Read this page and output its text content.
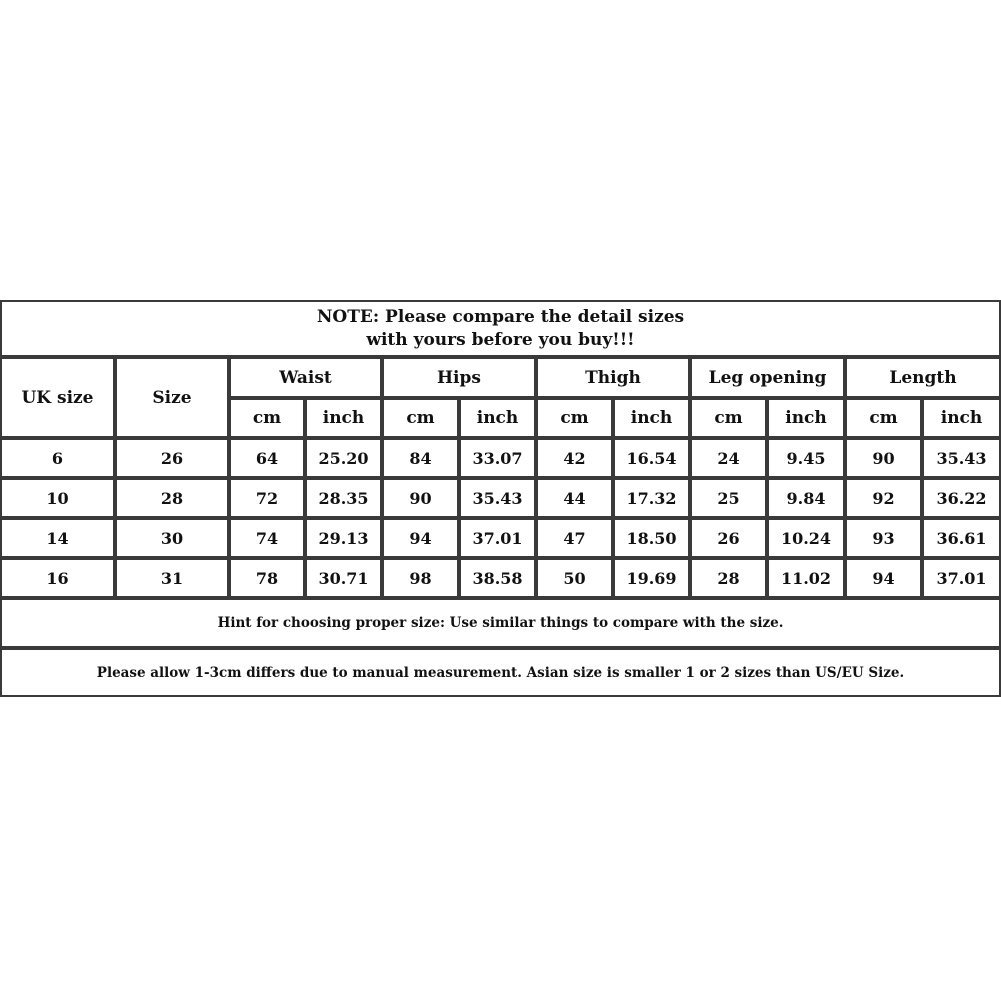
NOTE: Please compare the detail sizes
with yours before you buy!!!
UK size	Size
Waist	Hips	Thigh	Leg opening	Length
cm	inch	cm	inch	cm	inch	cm	inch	cm	inch
6	26	64	25.20	84	33.07	42	16.54	24	9.45	90	35.43
10	28	72	28.35	90	35.43	44	17.32	25	9.84	92	36.22
14	30	74	29.13	94	37.01	47	18.50	26	10.24	93	36.61
16	31	78	30.71	98	38.58	50	19.69	28	11.02	94	37.01
Hint for choosing proper size: Use similar things to compare with the size.
Please allow 1-3cm differs due to manual measurement. Asian size is smaller 1 or 2 sizes than US/EU Size.
